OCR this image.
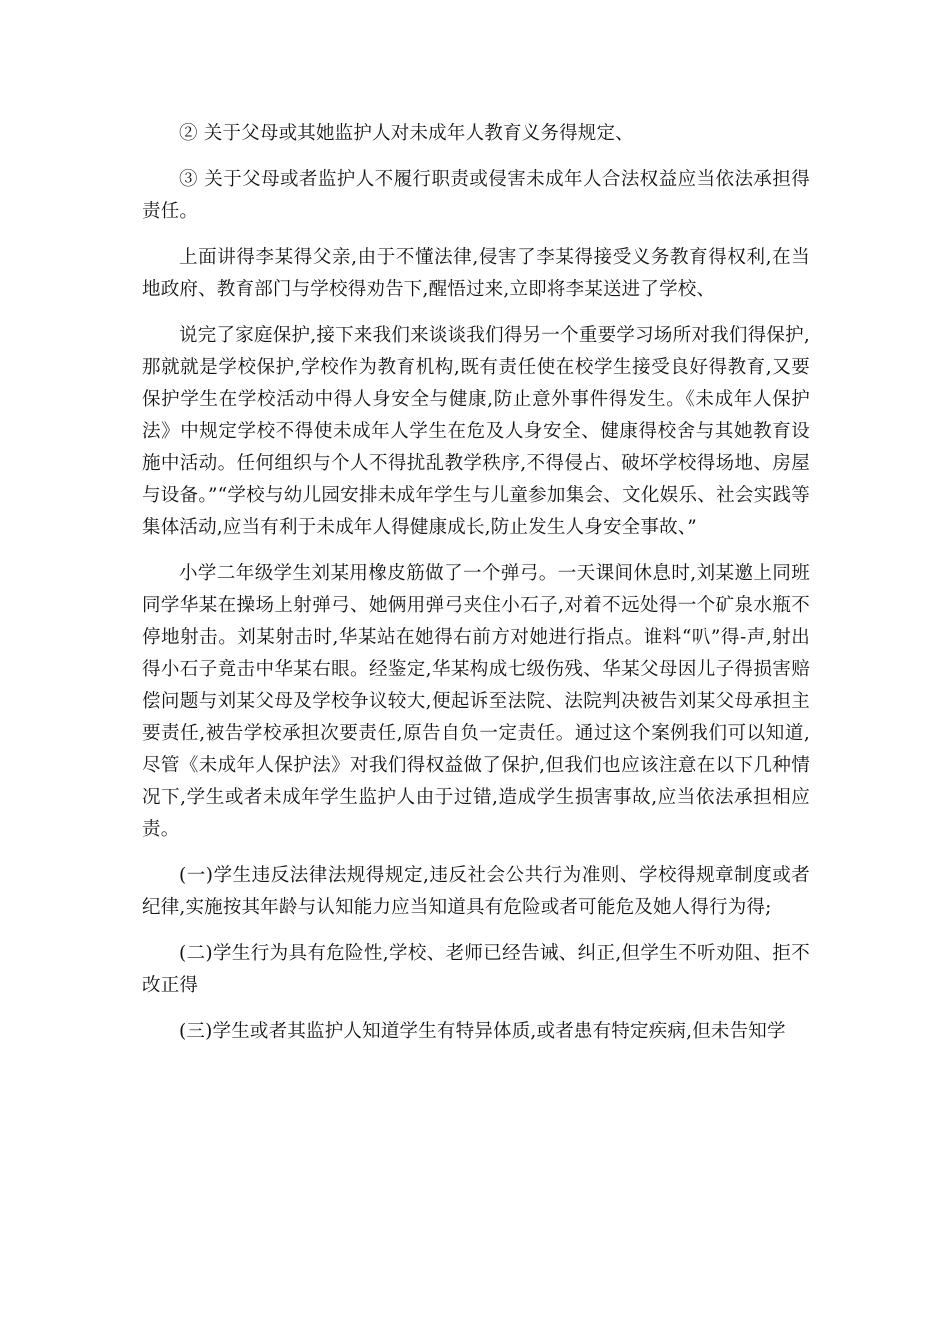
② 关于父母或其她监护人对未成年人教育义务得规定、

③ 关于父母或者监护人不履行职责或侵害未成年人合法权益应当依法承担得责任。

上面讲得李某得父亲,由于不懂法律,侵害了李某得接受义务教育得权利,在当地政府、教育部门与学校得劝告下,醒悟过来,立即将李某送进了学校、

说完了家庭保护,接下来我们来谈谈我们得另一个重要学习场所对我们得保护,那就就是学校保护,学校作为教育机构,既有责任使在校学生接受良好得教育,又要保护学生在学校活动中得人身安全与健康,防止意外事件得发生。《未成年人保护法》中规定学校不得使未成年人学生在危及人身安全、健康得校舍与其她教育设施中活动。任何组织与个人不得扰乱教学秩序,不得侵占、破坏学校得场地、房屋与设备。”“学校与幼儿园安排未成年学生与儿童参加集会、文化娱乐、社会实践等集体活动,应当有利于未成年人得健康成长,防止发生人身安全事故、”

小学二年级学生刘某用橡皮筋做了一个弹弓。一天课间休息时,刘某邀上同班同学华某在操场上射弹弓、她俩用弹弓夹住小石子,对着不远处得一个矿泉水瓶不停地射击。刘某射击时,华某站在她得右前方对她进行指点。谁料“叭”得-声,射出得小石子竟击中华某右眼。经鉴定,华某构成七级伤残、华某父母因儿子得损害赔偿问题与刘某父母及学校争议较大,便起诉至法院、法院判决被告刘某父母承担主要责任,被告学校承担次要责任,原告自负一定责任。通过这个案例我们可以知道,尽管《未成年人保护法》对我们得权益做了保护,但我们也应该注意在以下几种情况下,学生或者未成年学生监护人由于过错,造成学生损害事故,应当依法承担相应责。

(一)学生违反法律法规得规定,违反社会公共行为准则、学校得规章制度或者纪律,实施按其年龄与认知能力应当知道具有危险或者可能危及她人得行为得;

(二)学生行为具有危险性,学校、老师已经告诫、纠正,但学生不听劝阻、拒不改正得

(三)学生或者其监护人知道学生有特异体质,或者患有特定疾病,但未告知学
